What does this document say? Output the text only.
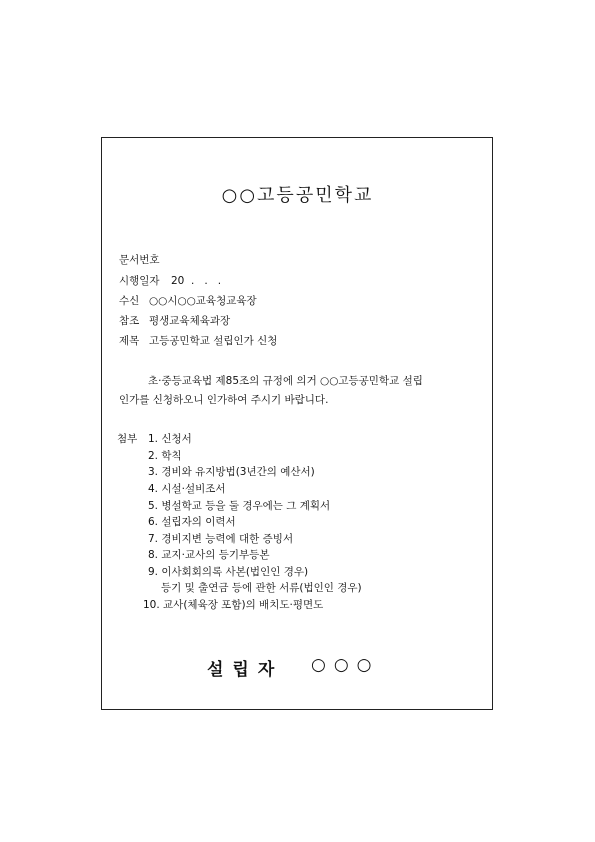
○○고등공민학교
문서번호
시행일자 20  .   .   .
수신 ○○시○○교육청교육장
참조 평생교육체육과장
제목 고등공민학교 설립인가 신청
초·중등교육법 제85조의 규정에 의거 ○○고등공민학교 설립
인가를 신청하오니 인가하여 주시기 바랍니다.
첨부 1. 신청서
2. 학칙
3. 경비와 유지방법(3년간의 예산서)
4. 시설·설비조서
5. 병설학교 등을 둘 경우에는 그 계획서
6. 설립자의 이력서
7. 경비지변 능력에 대한 증빙서
8. 교지·교사의 등기부등본
9. 이사회회의록 사본(법인인 경우)
등기 및 출연금 등에 관한 서류(법인인 경우)
10. 교사(체육장 포함)의 배치도·평면도
설립자 ○○○
